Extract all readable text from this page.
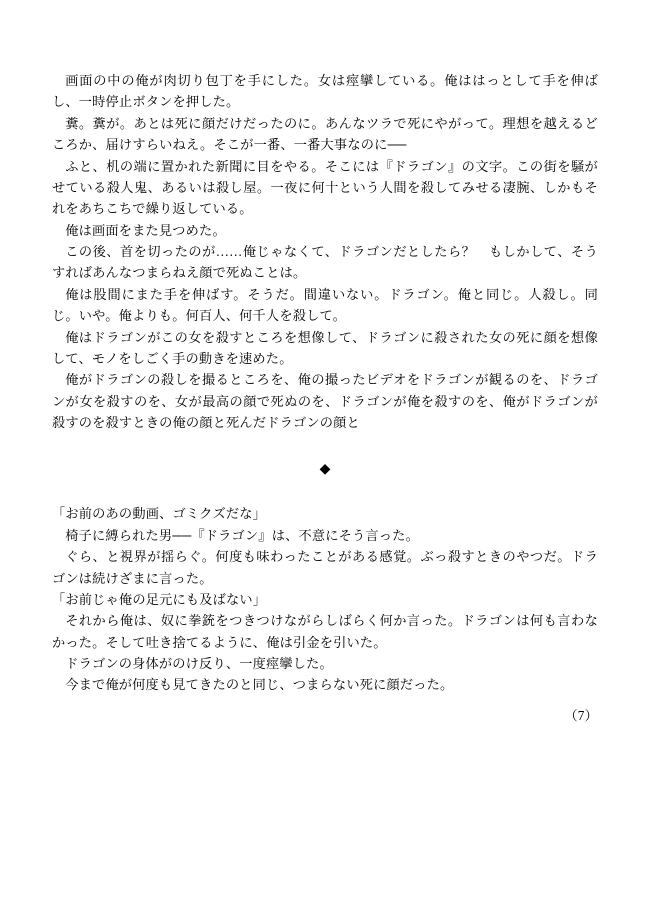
画面の中の俺が肉切り包丁を手にした。女は痙攣している。俺ははっとして手を伸ばし、一時停止ボタンを押した。

糞。糞が。あとは死に顔だけだったのに。あんなツラで死にやがって。理想を越えるどころか、届けすらいねえ。そこが一番、一番大事なのに──

ふと、机の端に置かれた新聞に目をやる。そこには『ドラゴン』の文字。この街を騒がせている殺人鬼、あるいは殺し屋。一夜に何十という人間を殺してみせる凄腕、しかもそれをあちこちで繰り返している。

俺は画面をまた見つめた。

この後、首を切ったのが……俺じゃなくて、ドラゴンだとしたら？　もしかして、そうすればあんなつまらねえ顔で死ぬことは。

俺は股間にまた手を伸ばす。そうだ。間違いない。ドラゴン。俺と同じ。人殺し。同じ。いや。俺よりも。何百人、何千人を殺して。

俺はドラゴンがこの女を殺すところを想像して、ドラゴンに殺された女の死に顔を想像して、モノをしごく手の動きを速めた。

俺がドラゴンの殺しを撮るところを、俺の撮ったビデオをドラゴンが観るのを、ドラゴンが女を殺すのを、女が最高の顔で死ぬのを、ドラゴンが俺を殺すのを、俺がドラゴンが殺すのを殺すときの俺の顔と死んだドラゴンの顔と

◆

「お前のあの動画、ゴミクズだな」

椅子に縛られた男──『ドラゴン』は、不意にそう言った。

ぐら、と視界が揺らぐ。何度も味わったことがある感覚。ぶっ殺すときのやつだ。ドラゴンは続けざまに言った。

「お前じゃ俺の足元にも及ばない」

それから俺は、奴に拳銃をつきつけながらしばらく何か言った。ドラゴンは何も言わなかった。そして吐き捨てるように、俺は引金を引いた。

ドラゴンの身体がのけ反り、一度痙攣した。

今まで俺が何度も見てきたのと同じ、つまらない死に顔だった。

（7）
